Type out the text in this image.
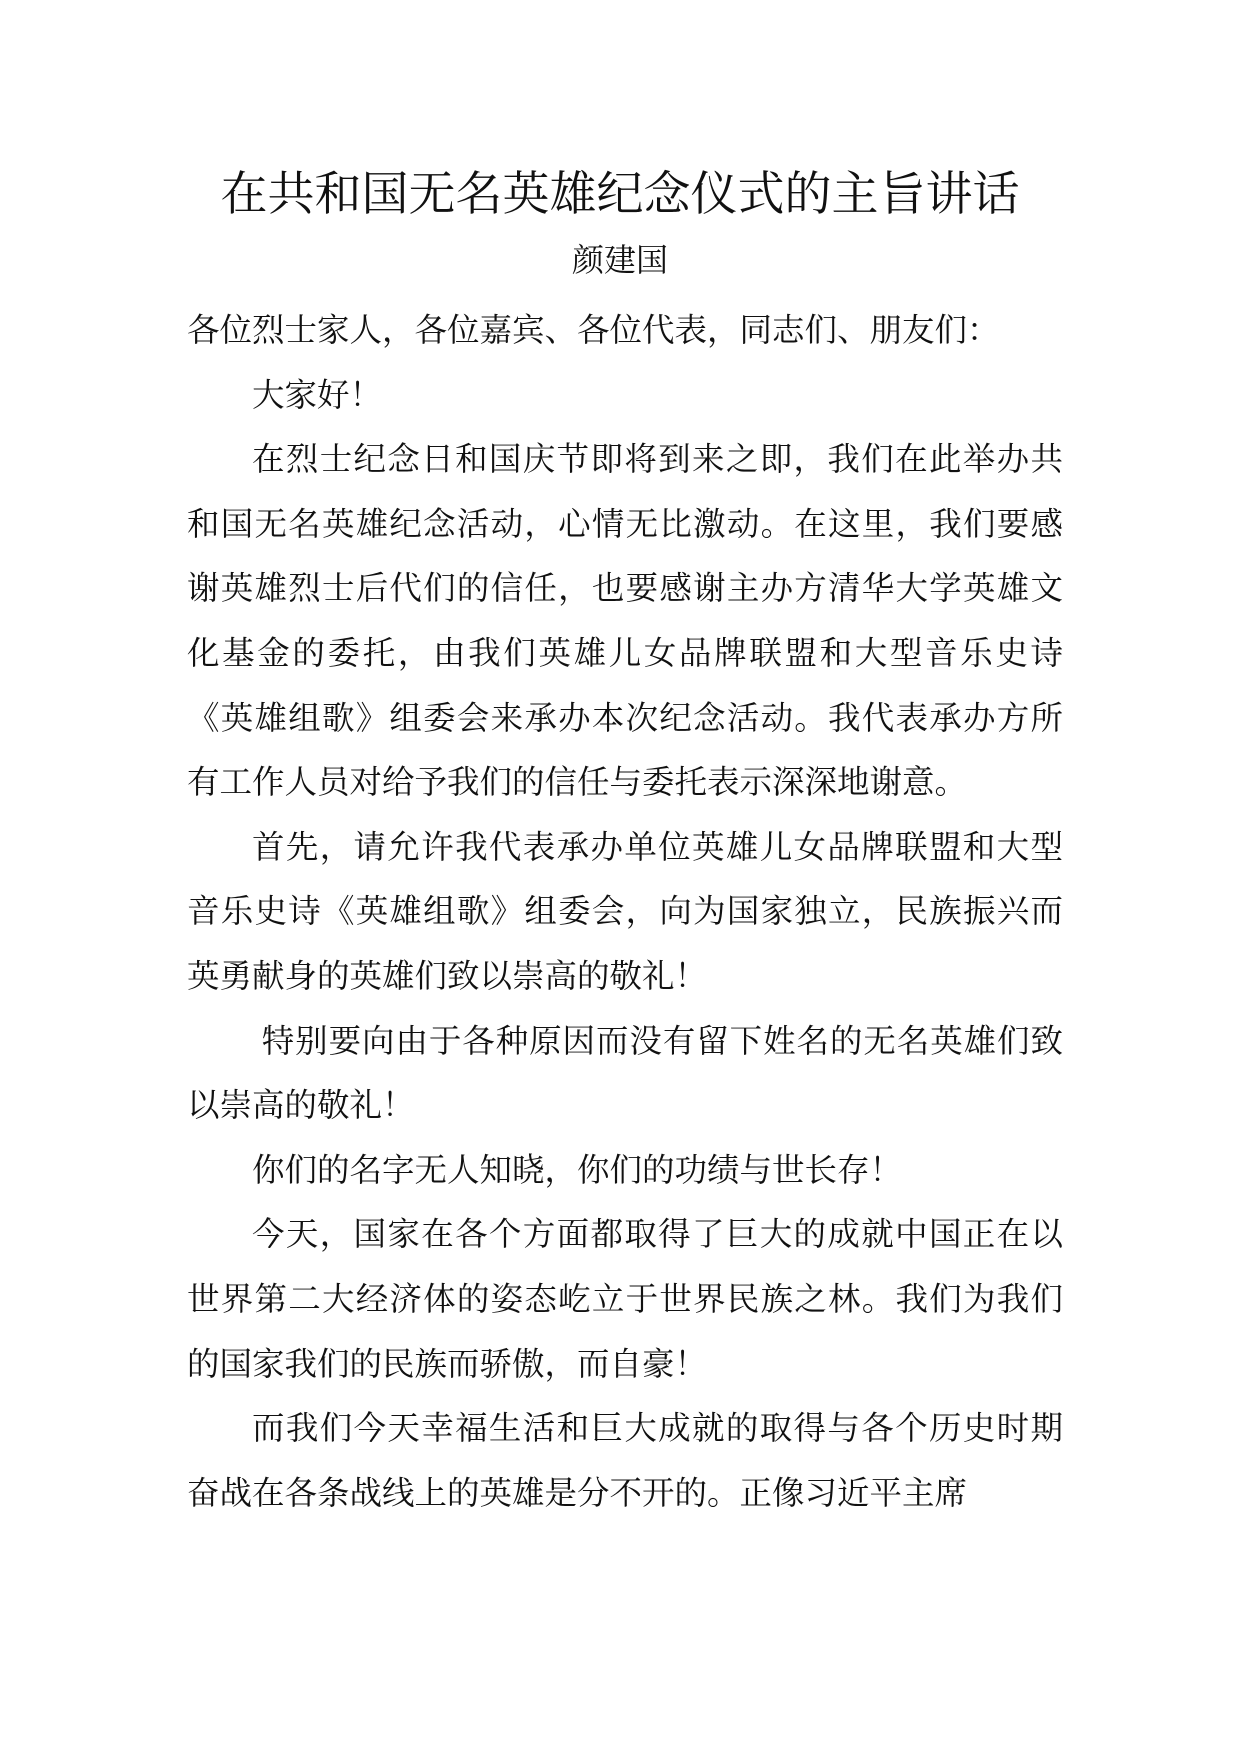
在共和国无名英雄纪念仪式的主旨讲话
颜建国

各位烈士家人，各位嘉宾、各位代表，同志们、朋友们：

大家好！

在烈士纪念日和国庆节即将到来之即，我们在此举办共和国无名英雄纪念活动，心情无比激动。在这里，我们要感谢英雄烈士后代们的信任，也要感谢主办方清华大学英雄文化基金的委托，由我们英雄儿女品牌联盟和大型音乐史诗《英雄组歌》组委会来承办本次纪念活动。我代表承办方所有工作人员对给予我们的信任与委托表示深深地谢意。

首先，请允许我代表承办单位英雄儿女品牌联盟和大型音乐史诗《英雄组歌》组委会，向为国家独立，民族振兴而英勇献身的英雄们致以崇高的敬礼！

特别要向由于各种原因而没有留下姓名的无名英雄们致以崇高的敬礼！

你们的名字无人知晓，你们的功绩与世长存！

今天，国家在各个方面都取得了巨大的成就中国正在以世界第二大经济体的姿态屹立于世界民族之林。我们为我们的国家我们的民族而骄傲，而自豪！

而我们今天幸福生活和巨大成就的取得与各个历史时期奋战在各条战线上的英雄是分不开的。正像习近平主席
